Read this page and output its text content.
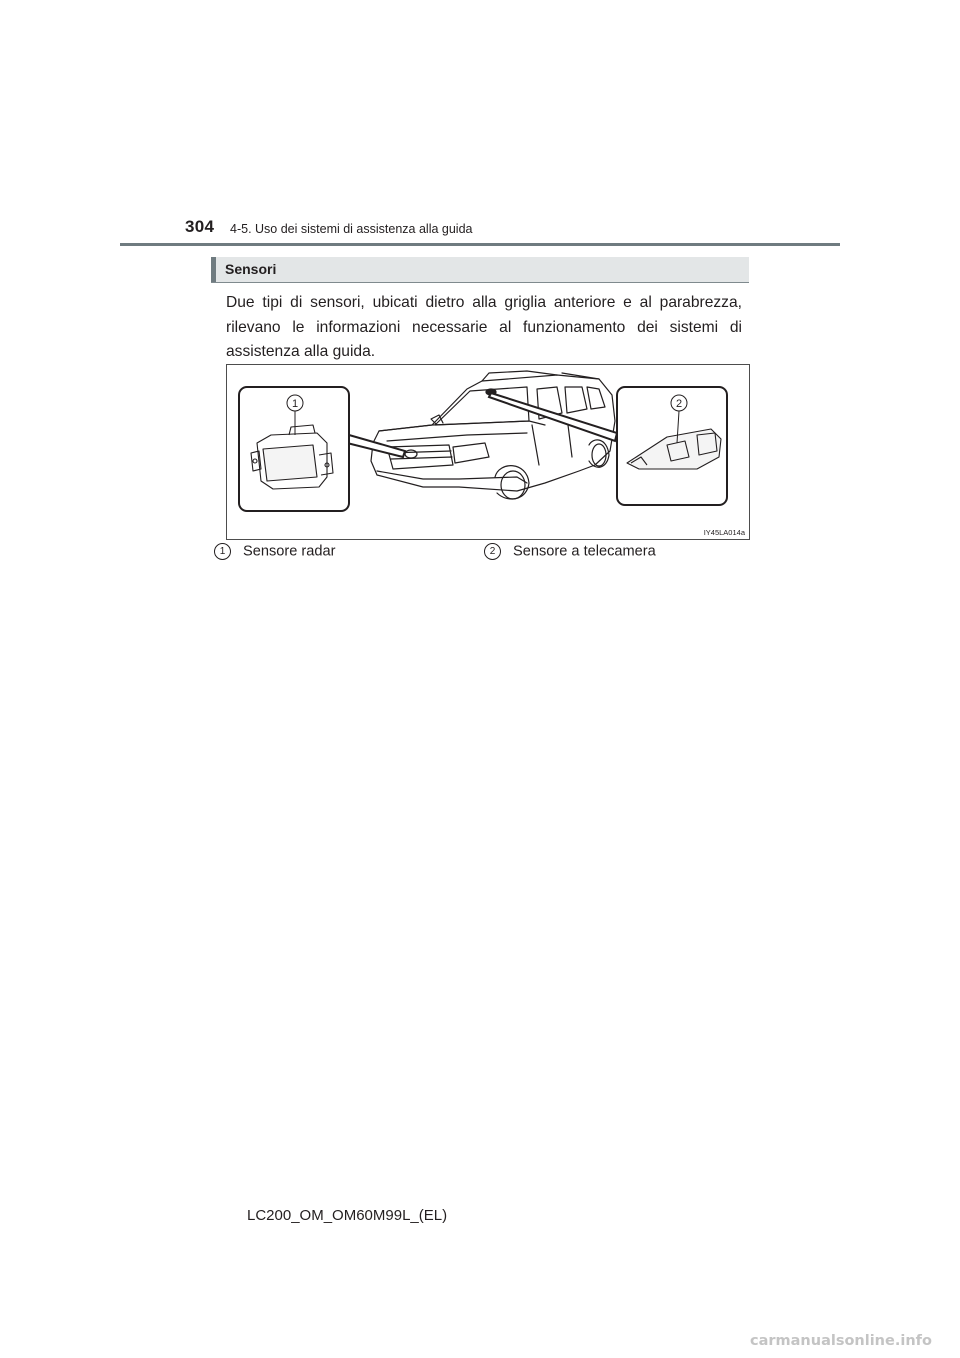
304 4-5. Uso dei sistemi di assistenza alla guida
Sensori
Due tipi di sensori, ubicati dietro alla griglia anteriore e al parabrezza, rilevano le informazioni necessarie al funzionamento dei sistemi di assistenza alla guida.
1	2
IY45LA014a
1 Sensore radar	2 Sensore a telecamera
LC200_OM_OM60M99L_(EL)
carmanualsonline.info
